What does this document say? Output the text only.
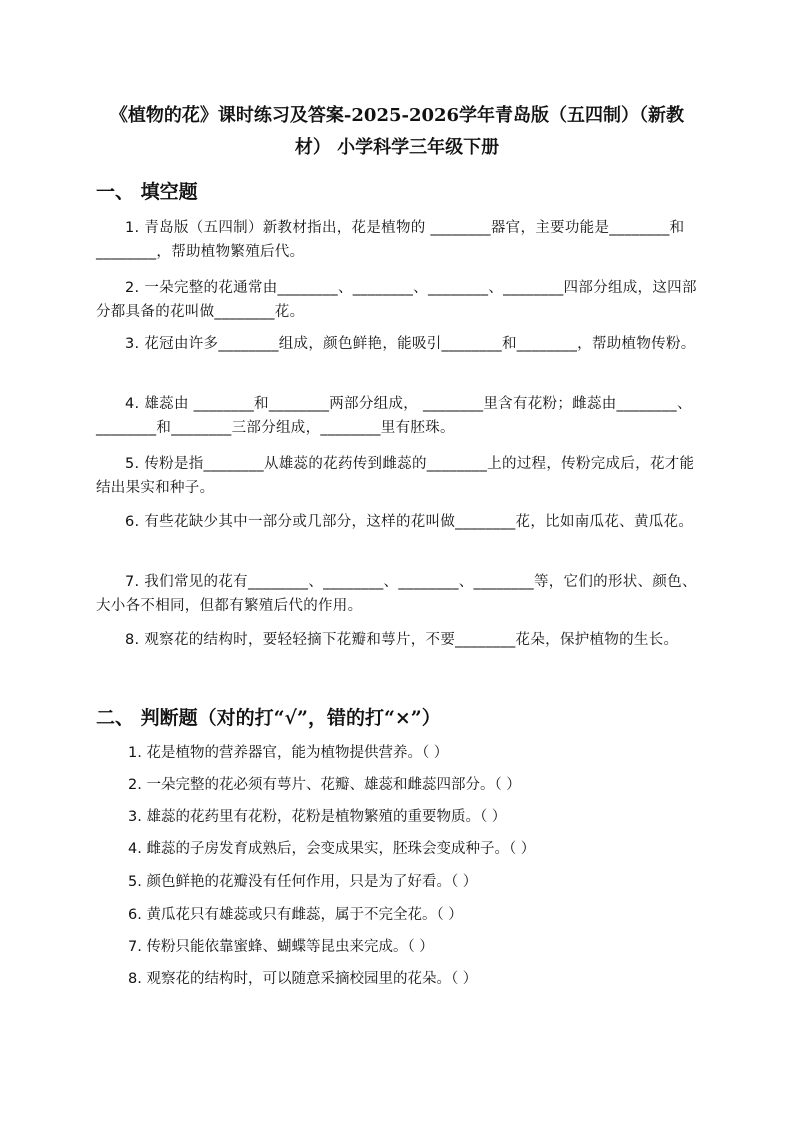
《植物的花》课时练习及答案-2025-2026学年青岛版（五四制）（新教材） 小学科学三年级下册
一、 填空题
1. 青岛版（五四制）新教材指出，花是植物的 ________器官，主要功能是________和________，帮助植物繁殖后代。
2. 一朵完整的花通常由________、________、________、________四部分组成，这四部分都具备的花叫做________花。
3. 花冠由许多________组成，颜色鲜艳，能吸引________和________，帮助植物传粉。
4. 雄蕊由 ________和________两部分组成， ________里含有花粉；雌蕊由________、________和________三部分组成，________里有胚珠。
5. 传粉是指________从雄蕊的花药传到雌蕊的________上的过程，传粉完成后，花才能结出果实和种子。
6. 有些花缺少其中一部分或几部分，这样的花叫做________花，比如南瓜花、黄瓜花。
7. 我们常见的花有________、________、________、________等，它们的形状、颜色、大小各不相同，但都有繁殖后代的作用。
8. 观察花的结构时，要轻轻摘下花瓣和萼片，不要________花朵，保护植物的生长。
二、 判断题（对的打“√”，错的打“×”）
1. 花是植物的营养器官，能为植物提供营养。（ ）
2. 一朵完整的花必须有萼片、花瓣、雄蕊和雌蕊四部分。（ ）
3. 雄蕊的花药里有花粉，花粉是植物繁殖的重要物质。（ ）
4. 雌蕊的子房发育成熟后，会变成果实，胚珠会变成种子。（ ）
5. 颜色鲜艳的花瓣没有任何作用，只是为了好看。（ ）
6. 黄瓜花只有雄蕊或只有雌蕊，属于不完全花。（ ）
7. 传粉只能依靠蜜蜂、蝴蝶等昆虫来完成。（ ）
8. 观察花的结构时，可以随意采摘校园里的花朵。（ ）
